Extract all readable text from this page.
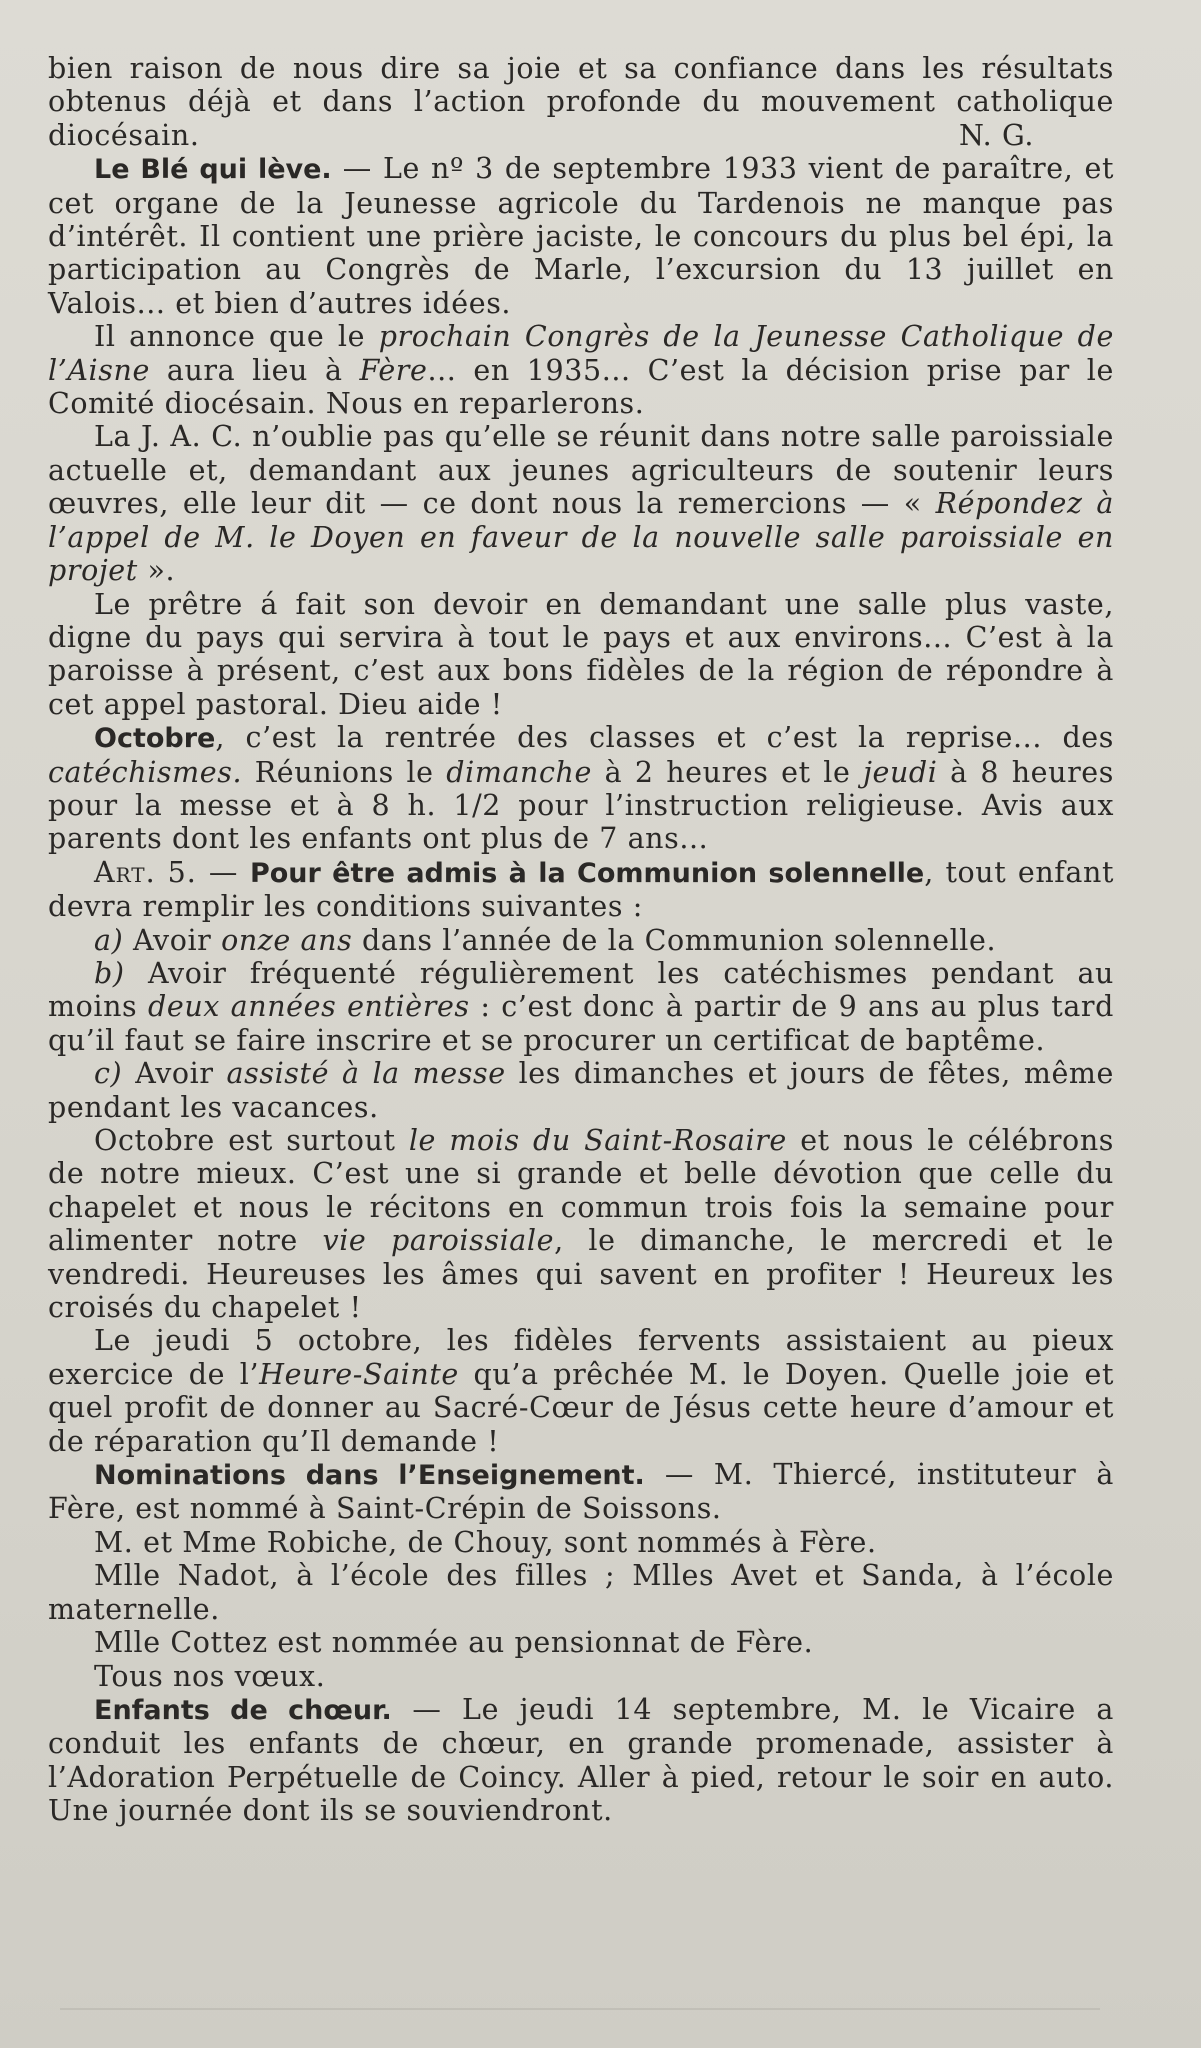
bien raison de nous dire sa joie et sa confiance dans les résultats obtenus déjà et dans l’action profonde du mouvement catholique diocésain.	N. G.

Le Blé qui lève. — Le nº 3 de septembre 1933 vient de paraître, et cet organe de la Jeunesse agricole du Tardenois ne manque pas d’intérêt. Il contient une prière jaciste, le concours du plus bel épi, la participation au Congrès de Marle, l’excursion du 13 juillet en Valois... et bien d’autres idées.

Il annonce que le prochain Congrès de la Jeunesse Catholique de l’Aisne aura lieu à Fère... en 1935... C’est la décision prise par le Comité diocésain. Nous en reparlerons.

La J. A. C. n’oublie pas qu’elle se réunit dans notre salle paroissiale actuelle et, demandant aux jeunes agriculteurs de soutenir leurs œuvres, elle leur dit — ce dont nous la remercions — « Répondez à l’appel de M. le Doyen en faveur de la nouvelle salle paroissiale en projet ».

Le prêtre á fait son devoir en demandant une salle plus vaste, digne du pays qui servira à tout le pays et aux environs... C’est à la paroisse à présent, c’est aux bons fidèles de la région de répondre à cet appel pastoral. Dieu aide !

Octobre, c’est la rentrée des classes et c’est la reprise... des catéchismes. Réunions le dimanche à 2 heures et le jeudi à 8 heures pour la messe et à 8 h. 1/2 pour l’instruction religieuse. Avis aux parents dont les enfants ont plus de 7 ans...

Art. 5. — Pour être admis à la Communion solennelle, tout enfant devra remplir les conditions suivantes :

a) Avoir onze ans dans l’année de la Communion solennelle.

b) Avoir fréquenté régulièrement les catéchismes pendant au moins deux années entières : c’est donc à partir de 9 ans au plus tard qu’il faut se faire inscrire et se procurer un certificat de baptême.

c) Avoir assisté à la messe les dimanches et jours de fêtes, même pendant les vacances.

Octobre est surtout le mois du Saint-Rosaire et nous le célébrons de notre mieux. C’est une si grande et belle dévotion que celle du chapelet et nous le récitons en commun trois fois la semaine pour alimenter notre vie paroissiale, le dimanche, le mercredi et le vendredi. Heureuses les âmes qui savent en profiter ! Heureux les croisés du chapelet !

Le jeudi 5 octobre, les fidèles fervents assistaient au pieux exercice de l’Heure-Sainte qu’a prêchée M. le Doyen. Quelle joie et quel profit de donner au Sacré-Cœur de Jésus cette heure d’amour et de réparation qu’Il demande !

Nominations dans l’Enseignement. — M. Thiercé, instituteur à Fère, est nommé à Saint-Crépin de Soissons.

M. et Mme Robiche, de Chouy, sont nommés à Fère.

Mlle Nadot, à l’école des filles ; Mlles Avet et Sanda, à l’école maternelle.

Mlle Cottez est nommée au pensionnat de Fère.

Tous nos vœux.

Enfants de chœur. — Le jeudi 14 septembre, M. le Vicaire a conduit les enfants de chœur, en grande promenade, assister à l’Adoration Perpétuelle de Coincy. Aller à pied, retour le soir en auto. Une journée dont ils se souviendront.
